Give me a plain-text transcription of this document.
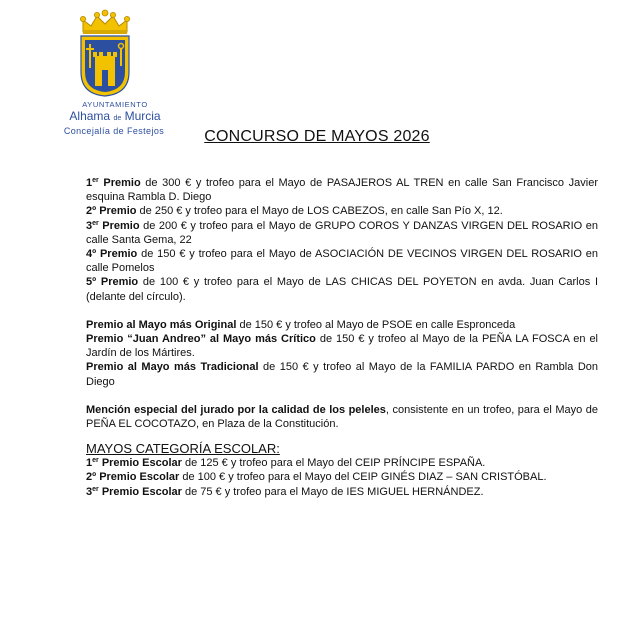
AYUNTAMIENTO
Alhama de Murcia
Concejalía de Festejos	CONCURSO DE MAYOS 2026

1er Premio de 300 € y trofeo para el Mayo de PASAJEROS AL TREN en calle San Francisco Javier esquina Rambla D. Diego

2º Premio de 250 € y trofeo para el Mayo de LOS CABEZOS, en calle San Pío X, 12.

3er Premio de 200 € y trofeo para el Mayo de GRUPO COROS Y DANZAS VIRGEN DEL ROSARIO en calle Santa Gema, 22

4º Premio de 150 € y trofeo para el Mayo de ASOCIACIÓN DE VECINOS VIRGEN DEL ROSARIO en calle Pomelos

5º Premio de 100 € y trofeo para el Mayo de LAS CHICAS DEL POYETON en avda. Juan Carlos I (delante del círculo).

Premio al Mayo más Original de 150 € y trofeo al Mayo de PSOE en calle Espronceda

Premio “Juan Andreo” al Mayo más Crítico de 150 € y trofeo al Mayo de la PEÑA LA FOSCA en el Jardín de los Mártires.

Premio al Mayo más Tradicional de 150 € y trofeo al Mayo de la FAMILIA PARDO en Rambla Don Diego

Mención especial del jurado por la calidad de los peleles, consistente en un trofeo, para el Mayo de PEÑA EL COCOTAZO, en Plaza de la Constitución.

MAYOS CATEGORÍA ESCOLAR:

1er Premio Escolar de 125 € y trofeo para el Mayo del CEIP PRÍNCIPE ESPAÑA.

2º Premio Escolar de 100 € y trofeo para el Mayo del CEIP GINÉS DIAZ – SAN CRISTÓBAL.

3er Premio Escolar de 75 € y trofeo para el Mayo de IES MIGUEL HERNÁNDEZ.
